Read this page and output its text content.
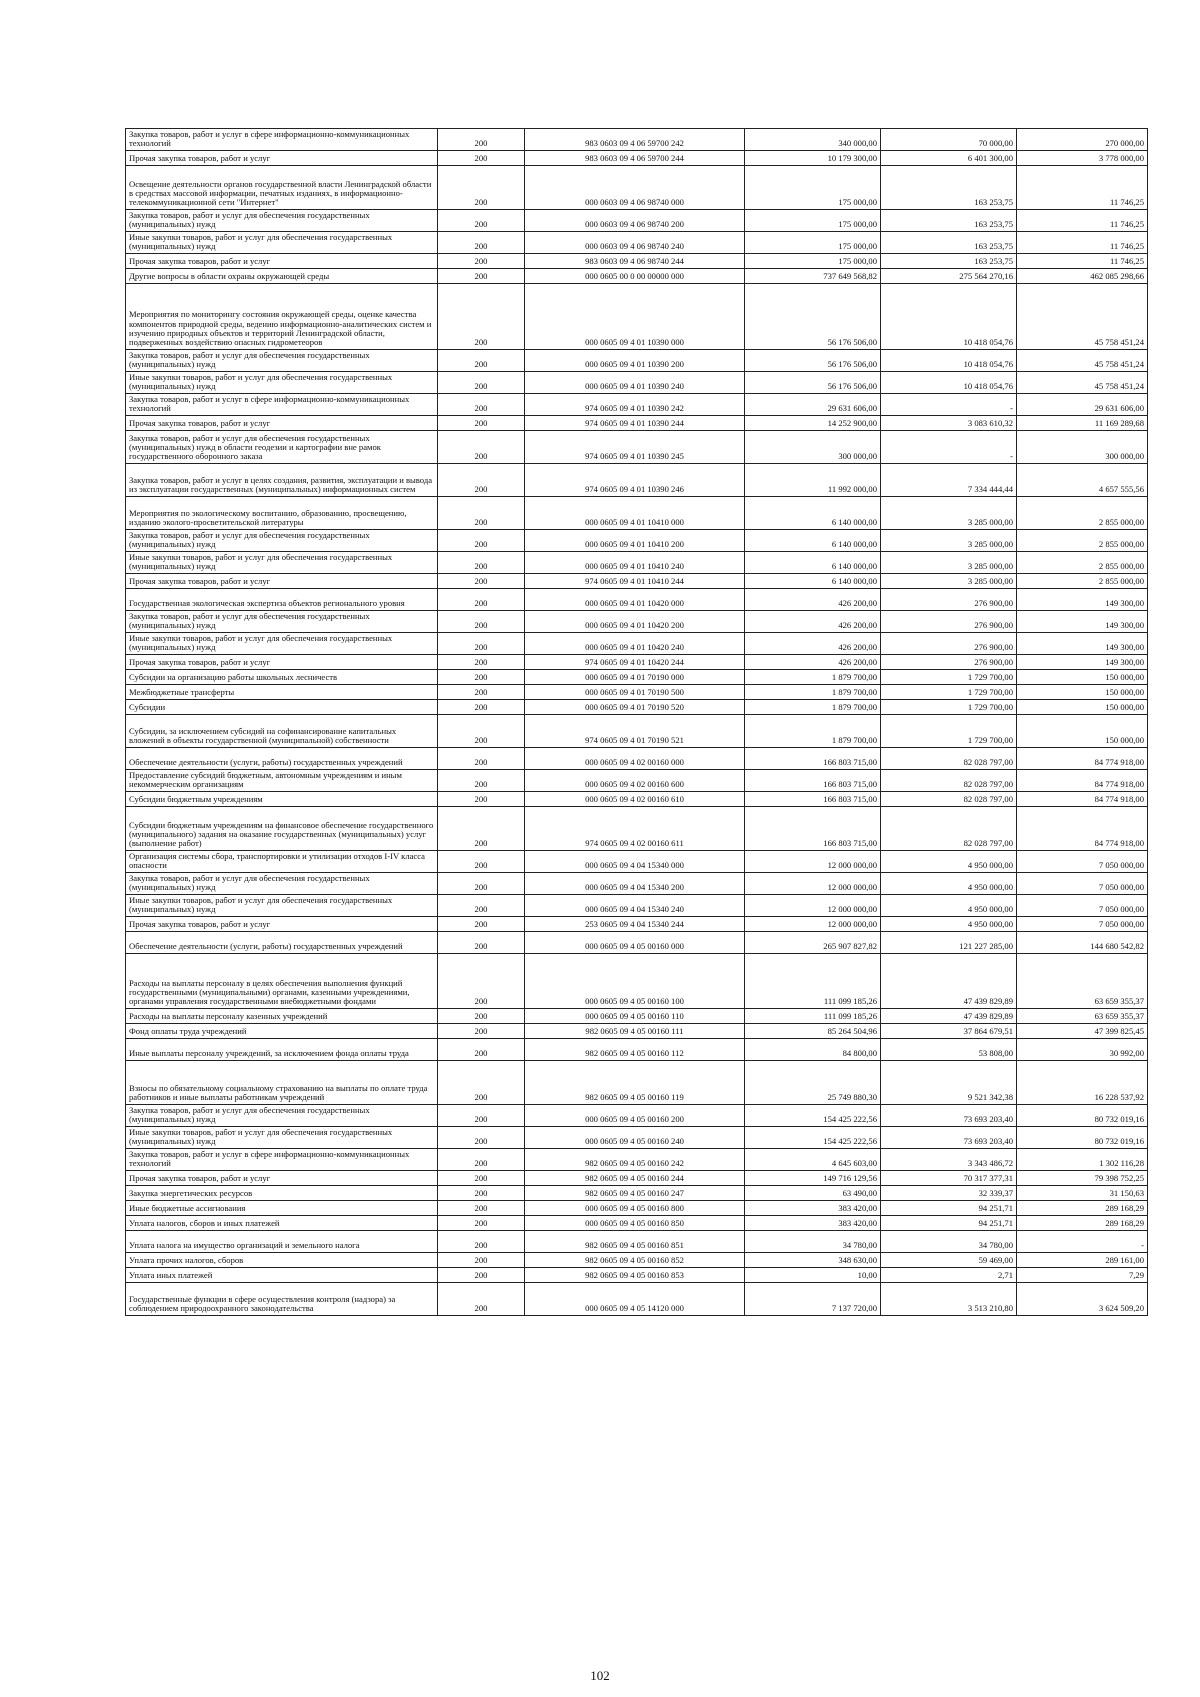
Закупка товаров, работ и услуг в сфере информационно-коммуникационных технологий	200	983 0603 09 4 06 59700 242	340 000,00	70 000,00	270 000,00
Прочая закупка товаров, работ и услуг	200	983 0603 09 4 06 59700 244	10 179 300,00	6 401 300,00	3 778 000,00
Освещение деятельности органов государственной власти Ленинградской области в средствах массовой информации, печатных изданиях, в информационно-телекоммуникационной сети "Интернет"	200	000 0603 09 4 06 98740 000	175 000,00	163 253,75	11 746,25
Закупка товаров, работ и услуг для обеспечения государственных (муниципальных) нужд	200	000 0603 09 4 06 98740 200	175 000,00	163 253,75	11 746,25
Иные закупки товаров, работ и услуг для обеспечения государственных (муниципальных) нужд	200	000 0603 09 4 06 98740 240	175 000,00	163 253,75	11 746,25
Прочая закупка товаров, работ и услуг	200	983 0603 09 4 06 98740 244	175 000,00	163 253,75	11 746,25
Другие вопросы в области охраны окружающей среды	200	000 0605 00 0 00 00000 000	737 649 568,82	275 564 270,16	462 085 298,66
Мероприятия по мониторингу состояния окружающей среды, оценке качества компонентов природной среды, ведению информационно-аналитических систем и изучению природных объектов и территорий Ленинградской области, подверженных воздействию опасных гидрометеоров	200	000 0605 09 4 01 10390 000	56 176 506,00	10 418 054,76	45 758 451,24
Закупка товаров, работ и услуг для обеспечения государственных (муниципальных) нужд	200	000 0605 09 4 01 10390 200	56 176 506,00	10 418 054,76	45 758 451,24
Иные закупки товаров, работ и услуг для обеспечения государственных (муниципальных) нужд	200	000 0605 09 4 01 10390 240	56 176 506,00	10 418 054,76	45 758 451,24
Закупка товаров, работ и услуг в сфере информационно-коммуникационных технологий	200	974 0605 09 4 01 10390 242	29 631 606,00	-	29 631 606,00
Прочая закупка товаров, работ и услуг	200	974 0605 09 4 01 10390 244	14 252 900,00	3 083 610,32	11 169 289,68
Закупка товаров, работ и услуг для обеспечения государственных (муниципальных) нужд в области геодезии и картографии вне рамок государственного оборонного заказа	200	974 0605 09 4 01 10390 245	300 000,00	-	300 000,00
Закупка товаров, работ и услуг в целях создания, развития, эксплуатации и вывода из эксплуатации государственных (муниципальных) информационных систем	200	974 0605 09 4 01 10390 246	11 992 000,00	7 334 444,44	4 657 555,56
Мероприятия по экологическому воспитанию, образованию, просвещению, изданию эколого-просветительской литературы	200	000 0605 09 4 01 10410 000	6 140 000,00	3 285 000,00	2 855 000,00
Закупка товаров, работ и услуг для обеспечения государственных (муниципальных) нужд	200	000 0605 09 4 01 10410 200	6 140 000,00	3 285 000,00	2 855 000,00
Иные закупки товаров, работ и услуг для обеспечения государственных (муниципальных) нужд	200	000 0605 09 4 01 10410 240	6 140 000,00	3 285 000,00	2 855 000,00
Прочая закупка товаров, работ и услуг	200	974 0605 09 4 01 10410 244	6 140 000,00	3 285 000,00	2 855 000,00
Государственная экологическая экспертиза объектов регионального уровня	200	000 0605 09 4 01 10420 000	426 200,00	276 900,00	149 300,00
Закупка товаров, работ и услуг для обеспечения государственных (муниципальных) нужд	200	000 0605 09 4 01 10420 200	426 200,00	276 900,00	149 300,00
Иные закупки товаров, работ и услуг для обеспечения государственных (муниципальных) нужд	200	000 0605 09 4 01 10420 240	426 200,00	276 900,00	149 300,00
Прочая закупка товаров, работ и услуг	200	974 0605 09 4 01 10420 244	426 200,00	276 900,00	149 300,00
Субсидии на организацию работы школьных лесничеств	200	000 0605 09 4 01 70190 000	1 879 700,00	1 729 700,00	150 000,00
Межбюджетные трансферты	200	000 0605 09 4 01 70190 500	1 879 700,00	1 729 700,00	150 000,00
Субсидии	200	000 0605 09 4 01 70190 520	1 879 700,00	1 729 700,00	150 000,00
Субсидии, за исключением субсидий на софинансирование капитальных вложений в объекты государственной (муниципальной) собственности	200	974 0605 09 4 01 70190 521	1 879 700,00	1 729 700,00	150 000,00
Обеспечение деятельности (услуги, работы) государственных учреждений	200	000 0605 09 4 02 00160 000	166 803 715,00	82 028 797,00	84 774 918,00
Предоставление субсидий бюджетным, автономным учреждениям и иным некоммерческим организациям	200	000 0605 09 4 02 00160 600	166 803 715,00	82 028 797,00	84 774 918,00
Субсидии бюджетным учреждениям	200	000 0605 09 4 02 00160 610	166 803 715,00	82 028 797,00	84 774 918,00
Субсидии бюджетным учреждениям на финансовое обеспечение государственного (муниципального) задания на оказание государственных (муниципальных) услуг (выполнение работ)	200	974 0605 09 4 02 00160 611	166 803 715,00	82 028 797,00	84 774 918,00
Организация системы сбора, транспортировки и утилизации отходов I-IV класса опасности	200	000 0605 09 4 04 15340 000	12 000 000,00	4 950 000,00	7 050 000,00
Закупка товаров, работ и услуг для обеспечения государственных (муниципальных) нужд	200	000 0605 09 4 04 15340 200	12 000 000,00	4 950 000,00	7 050 000,00
Иные закупки товаров, работ и услуг для обеспечения государственных (муниципальных) нужд	200	000 0605 09 4 04 15340 240	12 000 000,00	4 950 000,00	7 050 000,00
Прочая закупка товаров, работ и услуг	200	253 0605 09 4 04 15340 244	12 000 000,00	4 950 000,00	7 050 000,00
Обеспечение деятельности (услуги, работы) государственных учреждений	200	000 0605 09 4 05 00160 000	265 907 827,82	121 227 285,00	144 680 542,82
Расходы на выплаты персоналу в целях обеспечения выполнения функций государственными (муниципальными) органами, казенными учреждениями, органами управления государственными внебюджетными фондами	200	000 0605 09 4 05 00160 100	111 099 185,26	47 439 829,89	63 659 355,37
Расходы на выплаты персоналу казенных учреждений	200	000 0605 09 4 05 00160 110	111 099 185,26	47 439 829,89	63 659 355,37
Фонд оплаты труда учреждений	200	982 0605 09 4 05 00160 111	85 264 504,96	37 864 679,51	47 399 825,45
Иные выплаты персоналу учреждений, за исключением фонда оплаты труда	200	982 0605 09 4 05 00160 112	84 800,00	53 808,00	30 992,00
Взносы по обязательному социальному страхованию на выплаты по оплате труда работников и иные выплаты работникам учреждений	200	982 0605 09 4 05 00160 119	25 749 880,30	9 521 342,38	16 228 537,92
Закупка товаров, работ и услуг для обеспечения государственных (муниципальных) нужд	200	000 0605 09 4 05 00160 200	154 425 222,56	73 693 203,40	80 732 019,16
Иные закупки товаров, работ и услуг для обеспечения государственных (муниципальных) нужд	200	000 0605 09 4 05 00160 240	154 425 222,56	73 693 203,40	80 732 019,16
Закупка товаров, работ и услуг в сфере информационно-коммуникационных технологий	200	982 0605 09 4 05 00160 242	4 645 603,00	3 343 486,72	1 302 116,28
Прочая закупка товаров, работ и услуг	200	982 0605 09 4 05 00160 244	149 716 129,56	70 317 377,31	79 398 752,25
Закупка энергетических ресурсов	200	982 0605 09 4 05 00160 247	63 490,00	32 339,37	31 150,63
Иные бюджетные ассигнования	200	000 0605 09 4 05 00160 800	383 420,00	94 251,71	289 168,29
Уплата налогов, сборов и иных платежей	200	000 0605 09 4 05 00160 850	383 420,00	94 251,71	289 168,29
Уплата налога на имущество организаций и земельного налога	200	982 0605 09 4 05 00160 851	34 780,00	34 780,00	-
Уплата прочих налогов, сборов	200	982 0605 09 4 05 00160 852	348 630,00	59 469,00	289 161,00
Уплата иных платежей	200	982 0605 09 4 05 00160 853	10,00	2,71	7,29
Государственные функции в сфере осуществления контроля (надзора) за соблюдением природоохранного законодательства	200	000 0605 09 4 05 14120 000	7 137 720,00	3 513 210,80	3 624 509,20
102
